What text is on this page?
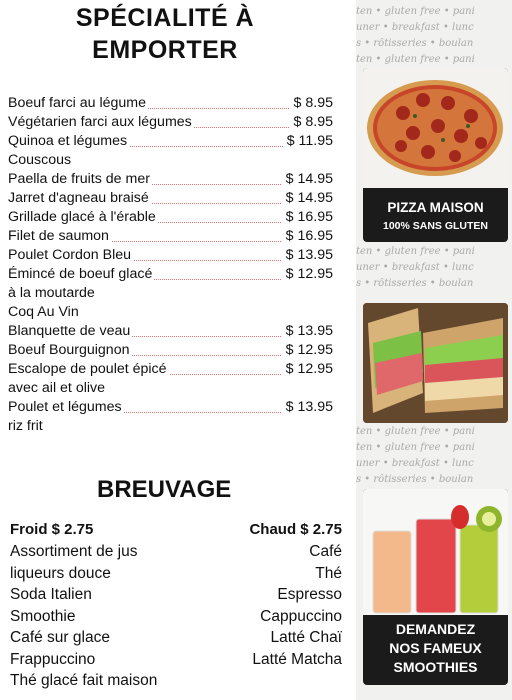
SPÉCIALITÉ À
EMPORTER
Boeuf farci au légume	$ 8.95
Végétarien farci aux légumes	$ 8.95
Quinoa et légumes	$ 11.95
Couscous
Paella de fruits de mer	$ 14.95
Jarret d'agneau braisé	$ 14.95
Grillade glacé à l'érable	$ 16.95
Filet de saumon	$ 16.95
Poulet Cordon Bleu	$ 13.95
Émincé de boeuf glacé	$ 12.95
à la moutarde
Coq Au Vin
Blanquette de veau	$ 13.95
Boeuf Bourguignon	$ 12.95
Escalope de poulet épicé	$ 12.95
avec ail et olive
Poulet et légumes	$ 13.95
riz frit
BREUVAGE
Froid $ 2.75
Assortiment de jus
liqueurs douce
Soda Italien
Smoothie
Café sur glace
Frappuccino
Thé glacé fait maison
Chaud $ 2.75
Café
Thé
Espresso
Cappuccino
Latté Chaï
Latté Matcha
ten • gluten free • pani
uner • breakfast • lunc
s • rôtisseries • boulan
ten • gluten free • pani
ten • gluten free • pani
uner • breakfast • lunc
s • rôtisseries • boulan
ten • gluten free • pani
ten • gluten free • pani
uner • breakfast • lunc
s • rôtisseries • boulan
PIZZA MAISON
100% SANS GLUTEN
DEMANDEZ
NOS FAMEUX
SMOOTHIES
